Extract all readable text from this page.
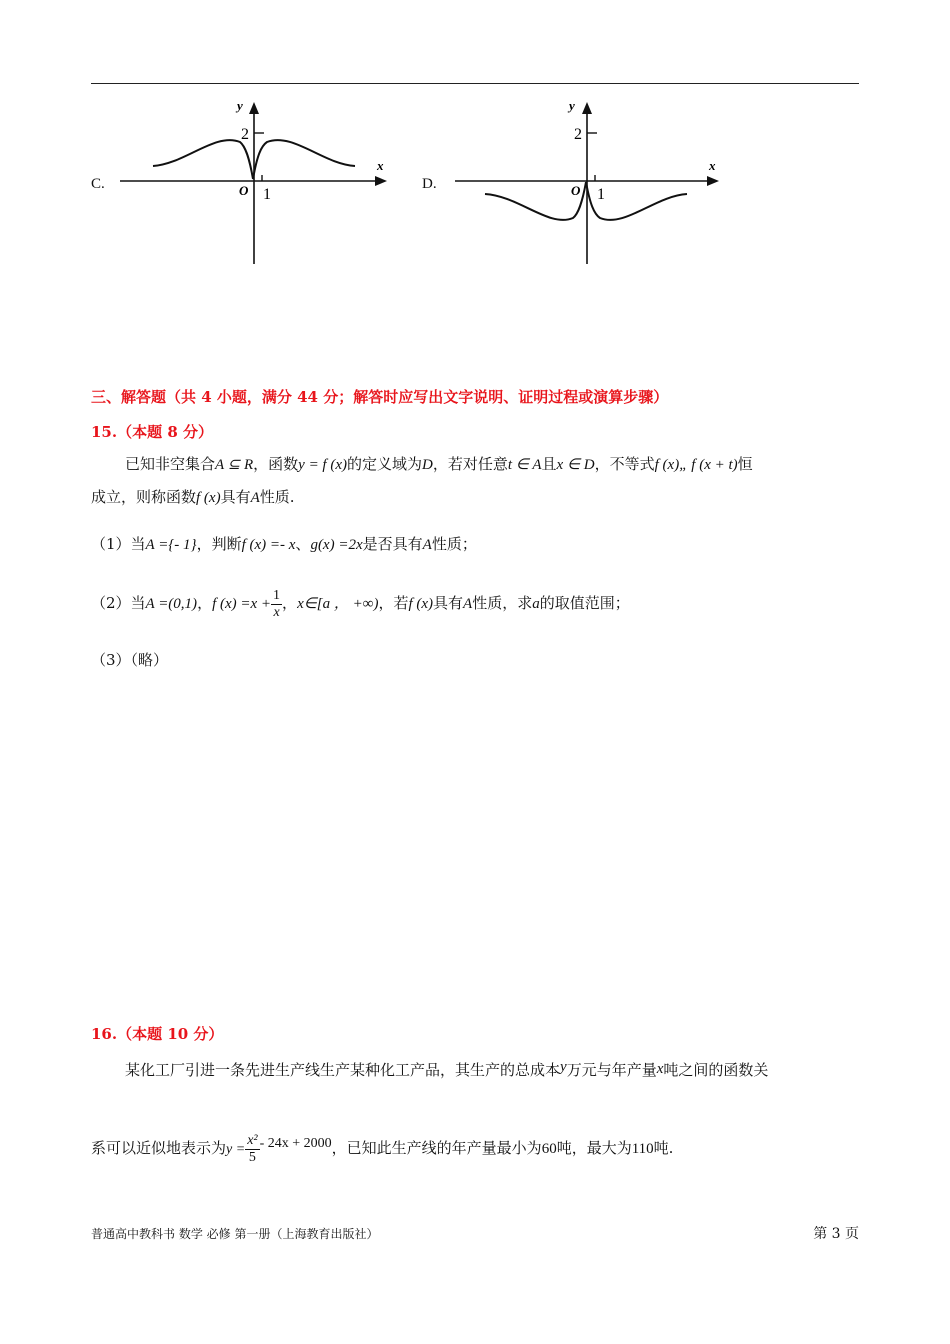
C.
y
x
O
2
1
D.
y
x
O
2
1
三、解答题（共 4 小题，满分 44 分；解答时应写出文字说明、证明过程或演算步骤）
15.（本题 8 分）
已知非空集合A ⊆ R，函数y = f (x)的定义域为D，若对任意t ∈ A且x ∈ D，不等式f (x)„ f (x + t)恒
成立，则称函数f (x)具有A性质.
（1）当A ={- 1}，判断f (x) =- x、g(x) =2x是否具有A性质；
（2）当A =(0,1)，f $(x) =x + \frac{1}{x}$ ，x∈[a ， +∞)，若f (x)具有A性质，求a的取值范围；
（3）（略）
16.（本题 10 分）
某化工厂引进一条先进生产线生产某种化工产品，其生产的总成本y万元与年产量x吨之间的函数关
系可以近似地表示为$y = \frac{\text{x²}}{5} - 24x + 2000$，已知此生产线的年产量最小为60吨，最大为110吨.
普通高中教科书 数学 必修 第一册（上海教育出版社）	第 3 页
